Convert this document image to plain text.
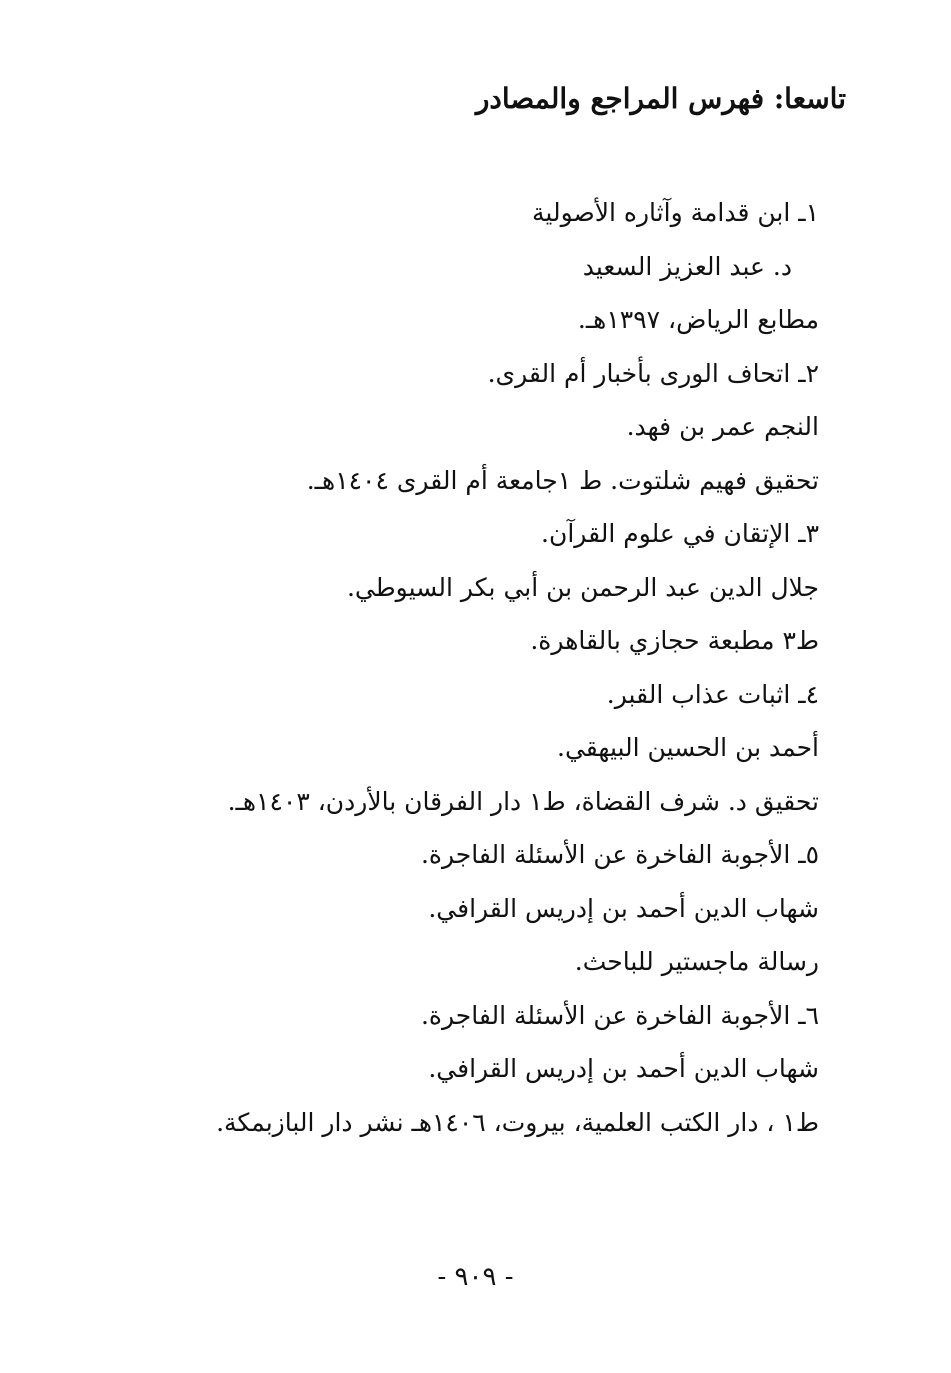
تاسعا: فهرس المراجع والمصادر
١ـ ابن قدامة وآثاره الأصولية
د. عبد العزيز السعيد
مطابع الرياض، ١٣٩٧هـ.
٢ـ اتحاف الورى بأخبار أم القرى.
النجم عمر بن فهد.
تحقيق فهيم شلتوت. ط ١جامعة أم القرى ١٤٠٤هـ.
٣ـ الإتقان في علوم القرآن.
جلال الدين عبد الرحمن بن أبي بكر السيوطي.
ط٣ مطبعة حجازي بالقاهرة.
٤ـ اثبات عذاب القبر.
أحمد بن الحسين البيهقي.
تحقيق د. شرف القضاة، ط١ دار الفرقان بالأردن، ١٤٠٣هـ.
٥ـ الأجوبة الفاخرة عن الأسئلة الفاجرة.
شهاب الدين أحمد بن إدريس القرافي.
رسالة ماجستير للباحث.
٦ـ الأجوبة الفاخرة عن الأسئلة الفاجرة.
شهاب الدين أحمد بن إدريس القرافي.
ط١ ، دار الكتب العلمية، بيروت، ١٤٠٦هـ نشر دار البازبمكة.
- ٩٠٩ -
